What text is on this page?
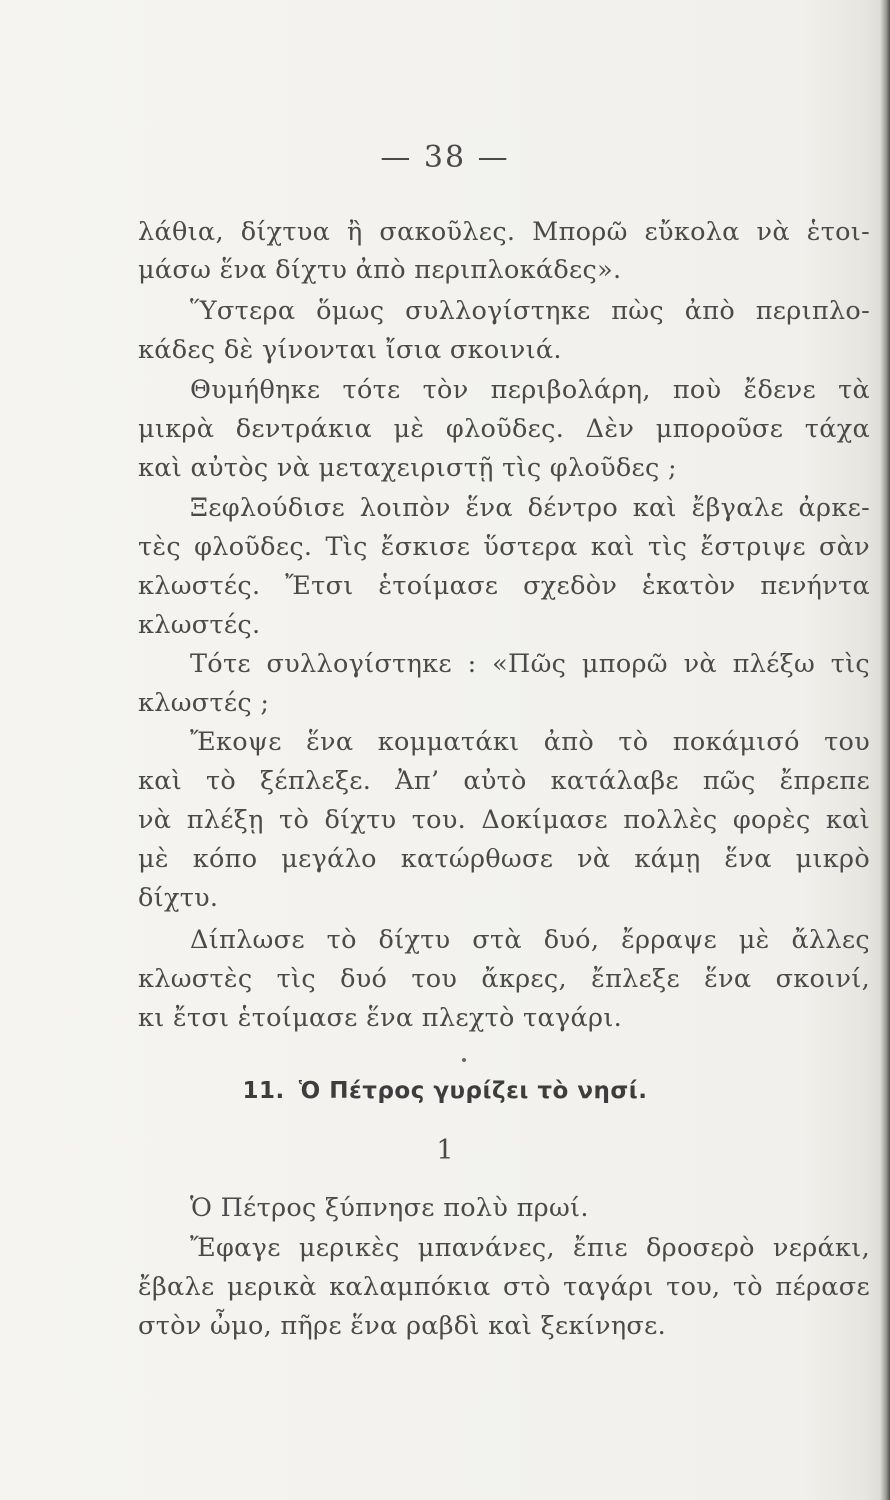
— 38 —
λάθια, δίχτυα ἢ σακοῦλες. Μπορῶ εὔκολα νὰ ἑτοι-
μάσω ἕνα δίχτυ ἀπὸ περιπλοκάδες».
Ὕστερα ὅμως συλλογίστηκε πὼς ἀπὸ περιπλο-
κάδες δὲ γίνονται ἴσια σκοινιά.
Θυμήθηκε τότε τὸν περιβολάρη, ποὺ ἔδενε τὰ
μικρὰ δεντράκια μὲ φλοῦδες. Δὲν μποροῦσε τάχα
καὶ αὐτὸς νὰ μεταχειριστῇ τὶς φλοῦδες ;
Ξεφλούδισε λοιπὸν ἕνα δέντρο καὶ ἔβγαλε ἀρκε-
τὲς φλοῦδες. Τὶς ἔσκισε ὕστερα καὶ τὶς ἔστριψε σὰν
κλωστές. Ἔτσι ἑτοίμασε σχεδὸν ἑκατὸν πενήντα
κλωστές.
Τότε συλλογίστηκε : «Πῶς μπορῶ νὰ πλέξω τὶς
κλωστές ;
Ἔκοψε ἕνα κομματάκι ἀπὸ τὸ ποκάμισό του
καὶ τὸ ξέπλεξε. Ἀπ’ αὐτὸ κατάλαβε πῶς ἔπρεπε
νὰ πλέξῃ τὸ δίχτυ του. Δοκίμασε πολλὲς φορὲς καὶ
μὲ κόπο μεγάλο κατώρθωσε νὰ κάμῃ ἕνα μικρὸ
δίχτυ.
Δίπλωσε τὸ δίχτυ στὰ δυό, ἔρραψε μὲ ἄλλες
κλωστὲς τὶς δυό του ἄκρες, ἔπλεξε ἕνα σκοινί,
κι ἔτσι ἑτοίμασε ἕνα πλεχτὸ ταγάρι.
11. Ὁ Πέτρος γυρίζει τὸ νησί.
1
Ὁ Πέτρος ξύπνησε πολὺ πρωί.
Ἔφαγε μερικὲς μπανάνες, ἔπιε δροσερὸ νεράκι,
ἔβαλε μερικὰ καλαμπόκια στὸ ταγάρι του, τὸ πέρασε
στὸν ὦμο, πῆρε ἕνα ραβδὶ καὶ ξεκίνησε.
